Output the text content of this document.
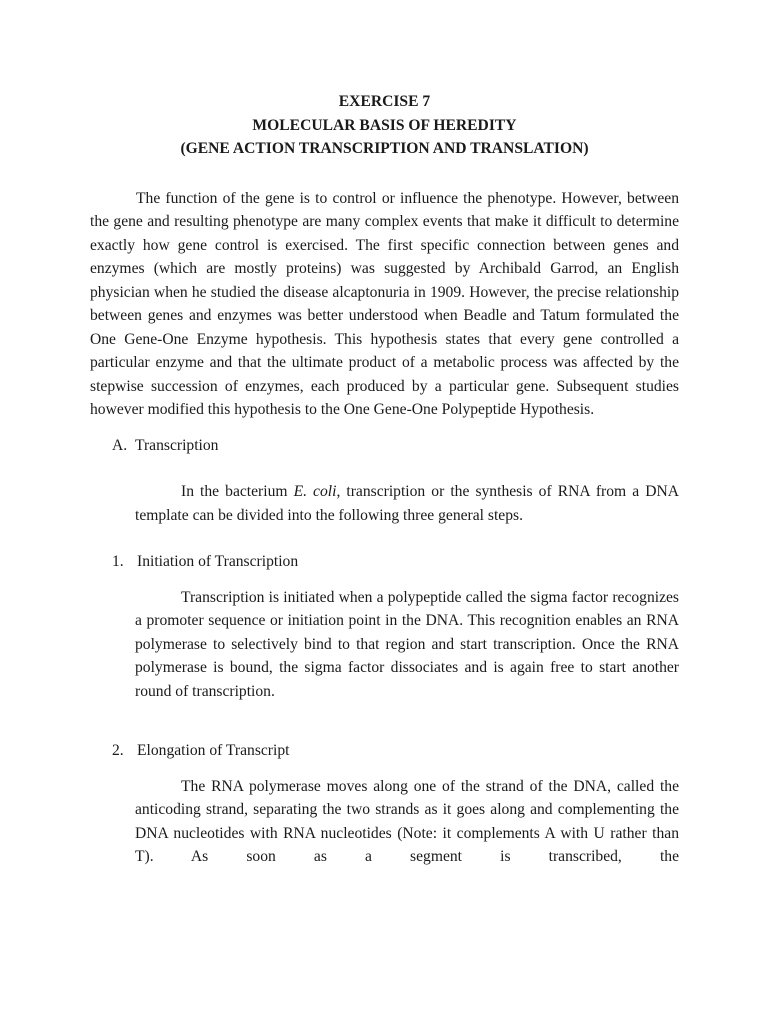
EXERCISE 7
MOLECULAR BASIS OF HEREDITY
(GENE ACTION TRANSCRIPTION AND TRANSLATION)

The function of the gene is to control or influence the phenotype. However, between the gene and resulting phenotype are many complex events that make it difficult to determine exactly how gene control is exercised. The first specific connection between genes and enzymes (which are mostly proteins) was suggested by Archibald Garrod, an English physician when he studied the disease alcaptonuria in 1909. However, the precise relationship between genes and enzymes was better understood when Beadle and Tatum formulated the One Gene-One Enzyme hypothesis. This hypothesis states that every gene controlled a particular enzyme and that the ultimate product of a metabolic process was affected by the stepwise succession of enzymes, each produced by a particular gene. Subsequent studies however modified this hypothesis to the One Gene-One Polypeptide Hypothesis.

A. Transcription

In the bacterium E. coli, transcription or the synthesis of RNA from a DNA template can be divided into the following three general steps.

1. Initiation of Transcription

Transcription is initiated when a polypeptide called the sigma factor recognizes a promoter sequence or initiation point in the DNA. This recognition enables an RNA polymerase to selectively bind to that region and start transcription. Once the RNA polymerase is bound, the sigma factor dissociates and is again free to start another round of transcription.

2. Elongation of Transcript

The RNA polymerase moves along one of the strand of the DNA, called the anticoding strand, separating the two strands as it goes along and complementing the DNA nucleotides with RNA nucleotides (Note: it complements A with U rather than T). As soon as a segment is transcribed, the
